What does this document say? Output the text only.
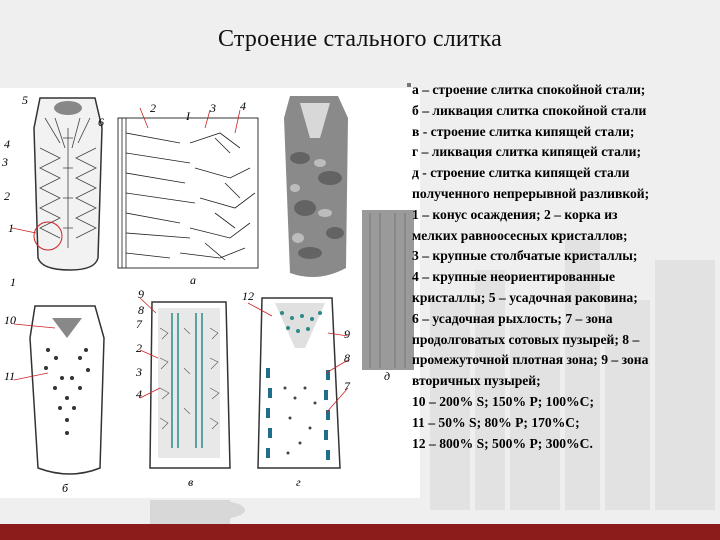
Строение стального слитка
5
6
4
3
2
1
1
2
I
3 4
а
10
11
б
9
8
7
2
3
4
в
12
9
8
7
г
д
а – строение слитка спокойной стали;
б – ликвация слитка спокойной стали
в - строение слитка кипящей стали;
г – ликвация слитка кипящей стали;
д - строение слитка кипящей стали
полученного непрерывной разливкой;
1 – конус осаждения; 2 – корка из
мелких равноосесных кристаллов;
3 – крупные столбчатые кристаллы;
4 – крупные неориентированные
кристаллы; 5 – усадочная раковина;
6 – усадочная рыхлость; 7 – зона
продолговатых сотовых пузырей; 8 –
промежуточной плотная зона; 9 – зона
вторичных пузырей;
10 – 200% S; 150% P; 100%C;
11 – 50% S; 80% P; 170%C;
12 – 800% S; 500% P; 300%C.
